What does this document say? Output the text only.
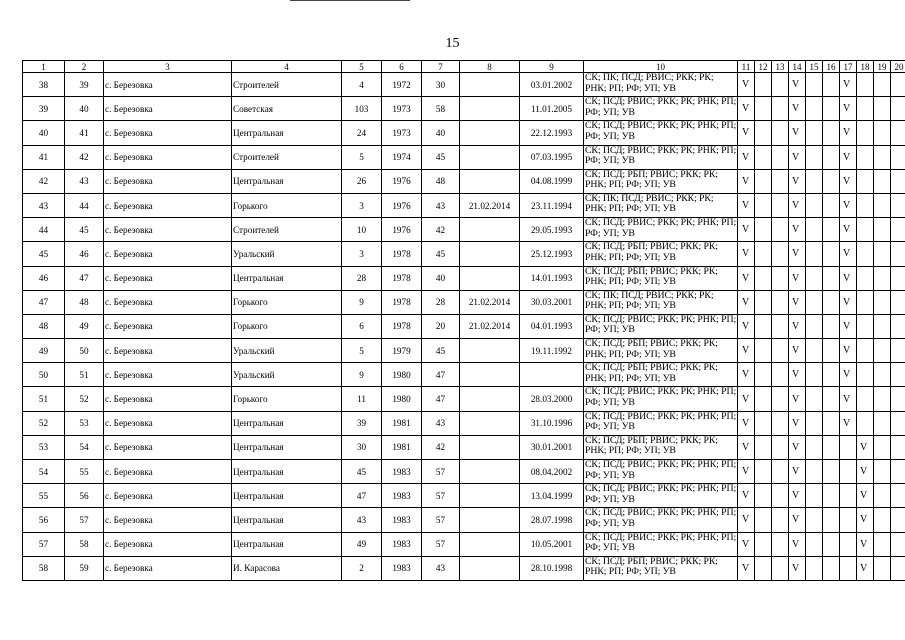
15
1	2	3	4	5	6	7	8	9	10	11	12	13	14	15	16	17	18	19	20
38	39	с. Березовка	Строителей	4	1972	30		03.01.2002	СК; ПК; ПСД; РВИС; РКК; РК; РНК; РП; РФ; УП; УВ	V			V			V			
39	40	с. Березовка	Советская	103	1973	58		11.01.2005	СК; ПСД; РВИС; РКК; РК; РНК; РП; РФ; УП; УВ	V			V			V			
40	41	с. Березовка	Центральная	24	1973	40		22.12.1993	СК; ПСД; РВИС; РКК; РК; РНК; РП; РФ; УП; УВ	V			V			V			
41	42	с. Березовка	Строителей	5	1974	45		07.03.1995	СК; ПСД; РВИС; РКК; РК; РНК; РП; РФ; УП; УВ	V			V			V			
42	43	с. Березовка	Центральная	26	1976	48		04.08.1999	СК; ПСД; РБП; РВИС; РКК; РК; РНК; РП; РФ; УП; УВ	V			V			V			
43	44	с. Березовка	Горького	3	1976	43	21.02.2014	23.11.1994	СК; ПК; ПСД; РВИС; РКК; РК; РНК; РП; РФ; УП; УВ	V			V			V			
44	45	с. Березовка	Строителей	10	1976	42		29.05.1993	СК; ПСД; РВИС; РКК; РК; РНК; РП; РФ; УП; УВ	V			V			V			
45	46	с. Березовка	Уральский	3	1978	45		25.12.1993	СК; ПСД; РБП; РВИС; РКК; РК; РНК; РП; РФ; УП; УВ	V			V			V			
46	47	с. Березовка	Центральная	28	1978	40		14.01.1993	СК; ПСД; РБП; РВИС; РКК; РК; РНК; РП; РФ; УП; УВ	V			V			V			
47	48	с. Березовка	Горького	9	1978	28	21.02.2014	30.03.2001	СК; ПК; ПСД; РВИС; РКК; РК; РНК; РП; РФ; УП; УВ	V			V			V			
48	49	с. Березовка	Горького	6	1978	20	21.02.2014	04.01.1993	СК; ПСД; РВИС; РКК; РК; РНК; РП; РФ; УП; УВ	V			V			V			
49	50	с. Березовка	Уральский	5	1979	45		19.11.1992	СК; ПСД; РБП; РВИС; РКК; РК; РНК; РП; РФ; УП; УВ	V			V			V			
50	51	с. Березовка	Уральский	9	1980	47			СК; ПСД; РБП; РВИС; РКК; РК; РНК; РП; РФ; УП; УВ	V			V			V			
51	52	с. Березовка	Горького	11	1980	47		28.03.2000	СК; ПСД; РВИС; РКК; РК; РНК; РП; РФ; УП; УВ	V			V			V			
52	53	с. Березовка	Центральная	39	1981	43		31.10.1996	СК; ПСД; РВИС; РКК; РК; РНК; РП; РФ; УП; УВ	V			V			V			
53	54	с. Березовка	Центральная	30	1981	42		30.01.2001	СК; ПСД; РБП; РВИС; РКК; РК; РНК; РП; РФ; УП; УВ	V			V				V		
54	55	с. Березовка	Центральная	45	1983	57		08.04.2002	СК; ПСД; РВИС; РКК; РК; РНК; РП; РФ; УП; УВ	V			V				V		
55	56	с. Березовка	Центральная	47	1983	57		13.04.1999	СК; ПСД; РВИС; РКК; РК; РНК; РП; РФ; УП; УВ	V			V				V		
56	57	с. Березовка	Центральная	43	1983	57		28.07.1998	СК; ПСД; РВИС; РКК; РК; РНК; РП; РФ; УП; УВ	V			V				V		
57	58	с. Березовка	Центральная	49	1983	57		10.05.2001	СК; ПСД; РВИС; РКК; РК; РНК; РП; РФ; УП; УВ	V			V				V		
58	59	с. Березовка	И. Карасова	2	1983	43		28.10.1998	СК; ПСД; РБП; РВИС; РКК; РК; РНК; РП; РФ; УП; УВ	V			V				V		
